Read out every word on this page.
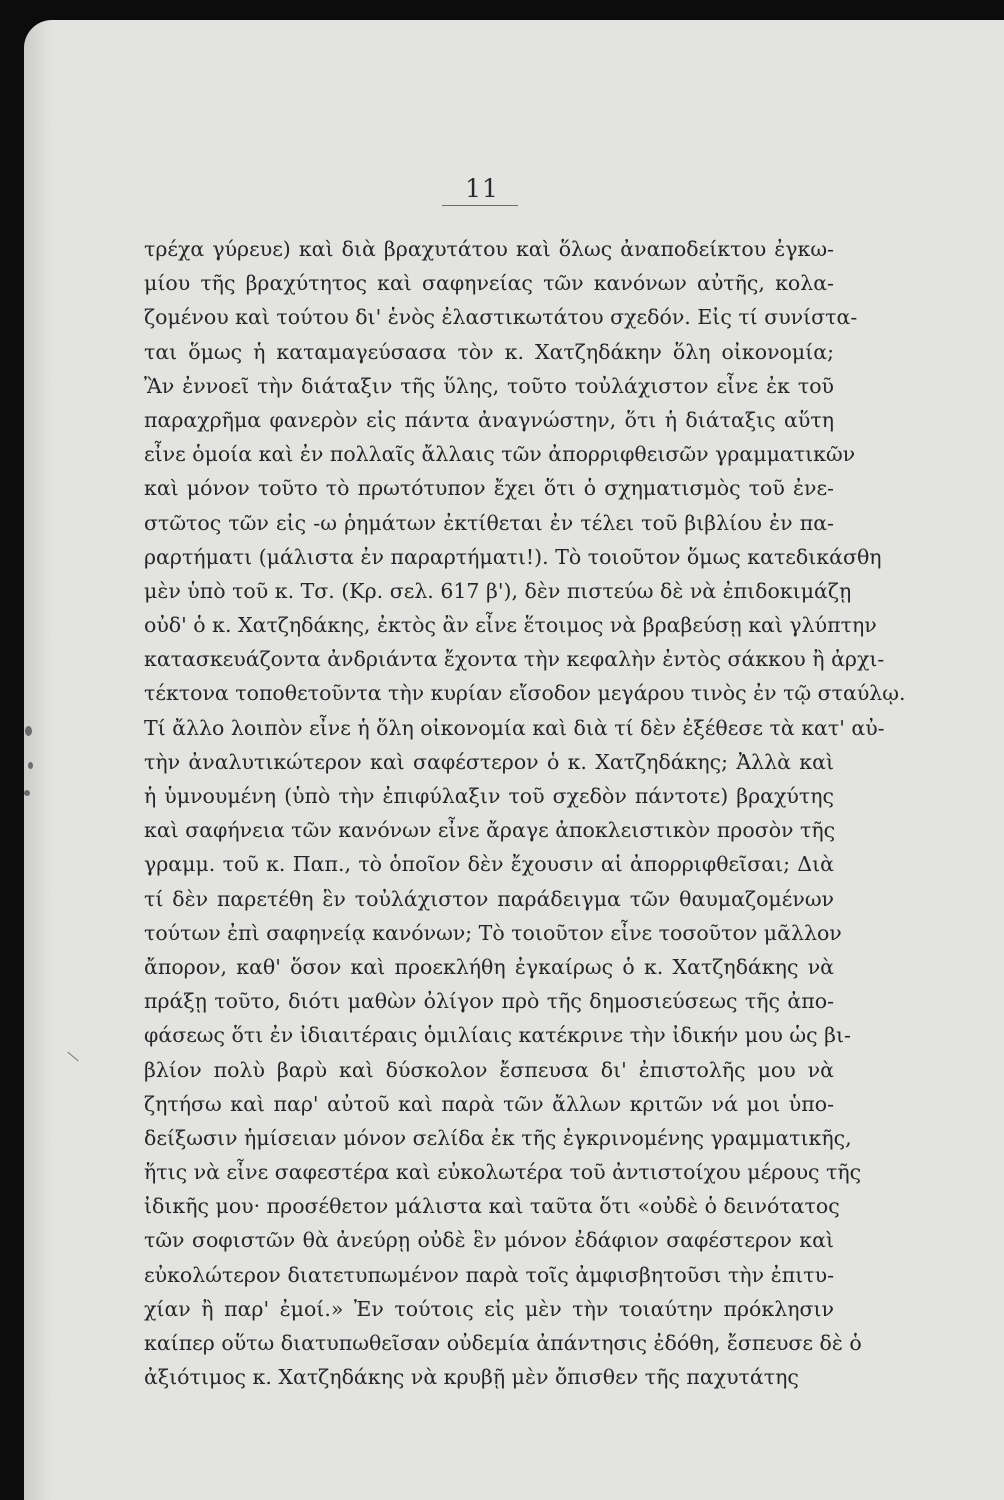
11
τρέχα γύρευε) καὶ διὰ βραχυτάτου καὶ ὅλως ἀναποδείκτου ἐγκω-
μίου τῆς βραχύτητος καὶ σαφηνείας τῶν κανόνων αὐτῆς, κολα-
ζομένου καὶ τούτου δι' ἑνὸς ἐλαστικωτάτου σχεδόν. Εἰς τί συνίστα-
ται ὅμως ἡ καταμαγεύσασα τὸν κ. Χατζηδάκην ὅλη οἰκονομία;
Ἂν ἐννοεῖ τὴν διάταξιν τῆς ὕλης, τοῦτο τοὐλάχιστον εἶνε ἐκ τοῦ
παραχρῆμα φανερὸν εἰς πάντα ἀναγνώστην, ὅτι ἡ διάταξις αὕτη
εἶνε ὁμοία καὶ ἐν πολλαῖς ἄλλαις τῶν ἀπορριφθεισῶν γραμματικῶν
καὶ μόνον τοῦτο τὸ πρωτότυπον ἔχει ὅτι ὁ σχηματισμὸς τοῦ ἐνε-
στῶτος τῶν εἰς -ω ῥημάτων ἐκτίθεται ἐν τέλει τοῦ βιβλίου ἐν πα-
ραρτήματι (μάλιστα ἐν παραρτήματι!). Τὸ τοιοῦτον ὅμως κατεδικάσθη
μὲν ὑπὸ τοῦ κ. Τσ. (Κρ. σελ. 617 β'), δὲν πιστεύω δὲ νὰ ἐπιδοκιμάζῃ
οὐδ' ὁ κ. Χατζηδάκης, ἐκτὸς ἂν εἶνε ἕτοιμος νὰ βραβεύσῃ καὶ γλύπτην
κατασκευάζοντα ἀνδριάντα ἔχοντα τὴν κεφαλὴν ἐντὸς σάκκου ἢ ἀρχι-
τέκτονα τοποθετοῦντα τὴν κυρίαν εἴσοδον μεγάρου τινὸς ἐν τῷ σταύλῳ.
Τί ἄλλο λοιπὸν εἶνε ἡ ὅλη οἰκονομία καὶ διὰ τί δὲν ἐξέθεσε τὰ κατ' αὐ-
τὴν ἀναλυτικώτερον καὶ σαφέστερον ὁ κ. Χατζηδάκης; Ἀλλὰ καὶ
ἡ ὑμνουμένη (ὑπὸ τὴν ἐπιφύλαξιν τοῦ σχεδὸν πάντοτε) βραχύτης
καὶ σαφήνεια τῶν κανόνων εἶνε ἄραγε ἀποκλειστικὸν προσὸν τῆς
γραμμ. τοῦ κ. Παπ., τὸ ὁποῖον δὲν ἔχουσιν αἱ ἀπορριφθεῖσαι; Διὰ
τί δὲν παρετέθη ἓν τοὐλάχιστον παράδειγμα τῶν θαυμαζομένων
τούτων ἐπὶ σαφηνείᾳ κανόνων; Τὸ τοιοῦτον εἶνε τοσοῦτον μᾶλλον
ἄπορον, καθ' ὅσον καὶ προεκλήθη ἐγκαίρως ὁ κ. Χατζηδάκης νὰ
πράξῃ τοῦτο, διότι μαθὼν ὀλίγον πρὸ τῆς δημοσιεύσεως τῆς ἀπο-
φάσεως ὅτι ἐν ἰδιαιτέραις ὁμιλίαις κατέκρινε τὴν ἰδικήν μου ὡς βι-
βλίον πολὺ βαρὺ καὶ δύσκολον ἔσπευσα δι' ἐπιστολῆς μου νὰ
ζητήσω καὶ παρ' αὐτοῦ καὶ παρὰ τῶν ἄλλων κριτῶν νά μοι ὑπο-
δείξωσιν ἡμίσειαν μόνον σελίδα ἐκ τῆς ἐγκρινομένης γραμματικῆς,
ἥτις νὰ εἶνε σαφεστέρα καὶ εὐκολωτέρα τοῦ ἀντιστοίχου μέρους τῆς
ἰδικῆς μου· προσέθετον μάλιστα καὶ ταῦτα ὅτι «οὐδὲ ὁ δεινότατος
τῶν σοφιστῶν θὰ ἀνεύρῃ οὐδὲ ἓν μόνον ἐδάφιον σαφέστερον καὶ
εὐκολώτερον διατετυπωμένον παρὰ τοῖς ἀμφισβητοῦσι τὴν ἐπιτυ-
χίαν ἢ παρ' ἐμοί.» Ἐν τούτοις εἰς μὲν τὴν τοιαύτην πρόκλησιν
καίπερ οὕτω διατυπωθεῖσαν οὐδεμία ἀπάντησις ἐδόθη, ἔσπευσε δὲ ὁ
ἀξιότιμος κ. Χατζηδάκης νὰ κρυβῇ μὲν ὄπισθεν τῆς παχυτάτης
